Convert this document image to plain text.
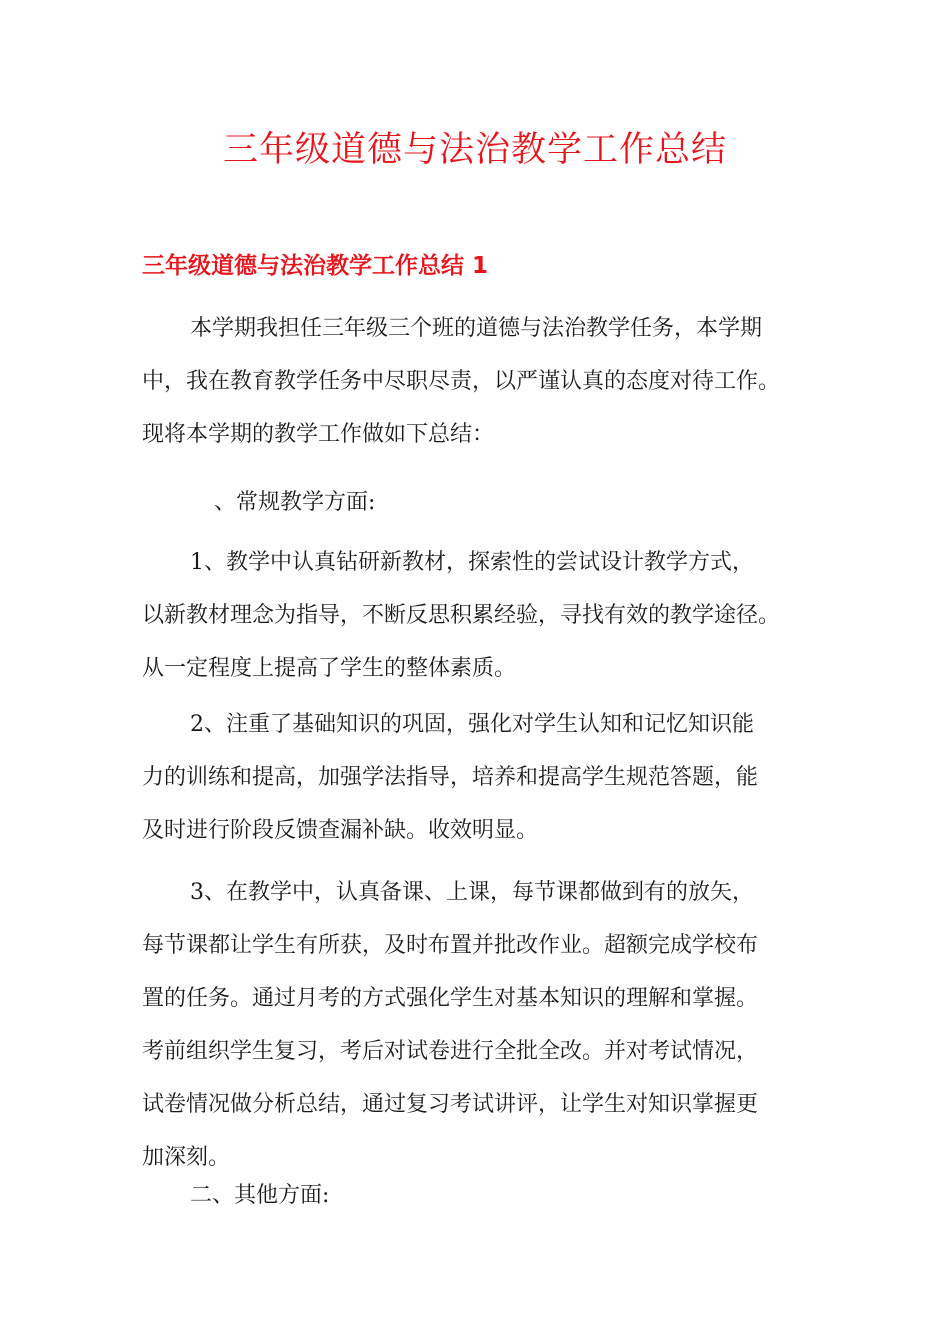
三年级道德与法治教学工作总结
三年级道德与法治教学工作总结 1

本学期我担任三年级三个班的道德与法治教学任务，本学期
中，我在教育教学任务中尽职尽责，以严谨认真的态度对待工作。
现将本学期的教学工作做如下总结：

、常规教学方面:

1、教学中认真钻研新教材，探索性的尝试设计教学方式，
以新教材理念为指导，不断反思积累经验，寻找有效的教学途径。
从一定程度上提高了学生的整体素质。

2、注重了基础知识的巩固，强化对学生认知和记忆知识能
力的训练和提高，加强学法指导，培养和提高学生规范答题，能
及时进行阶段反馈查漏补缺。收效明显。

3、在教学中，认真备课、上课，每节课都做到有的放矢，
每节课都让学生有所获，及时布置并批改作业。超额完成学校布
置的任务。通过月考的方式强化学生对基本知识的理解和掌握。
考前组织学生复习，考后对试卷进行全批全改。并对考试情况，
试卷情况做分析总结，通过复习考试讲评，让学生对知识掌握更
加深刻。

二、其他方面:
